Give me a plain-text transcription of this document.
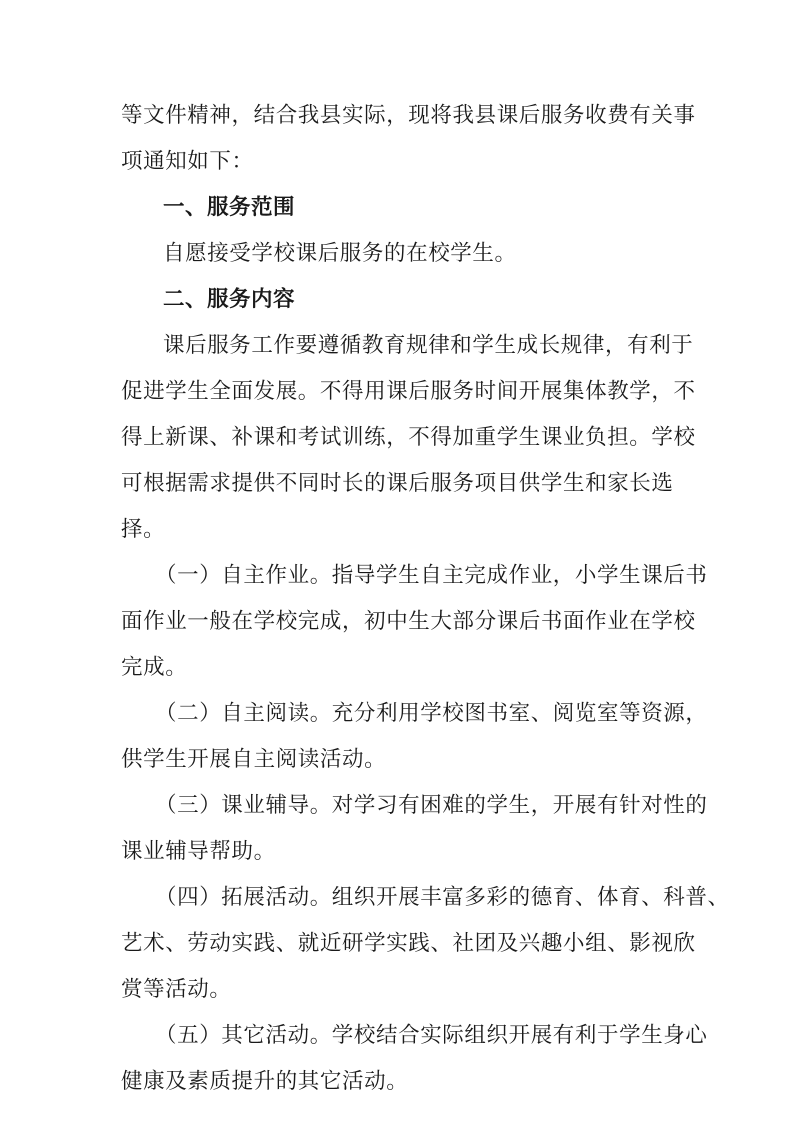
等文件精神，结合我县实际，现将我县课后服务收费有关事
项通知如下：
一、服务范围
自愿接受学校课后服务的在校学生。
二、服务内容
课后服务工作要遵循教育规律和学生成长规律，有利于
促进学生全面发展。不得用课后服务时间开展集体教学，不
得上新课、补课和考试训练，不得加重学生课业负担。学校
可根据需求提供不同时长的课后服务项目供学生和家长选
择。
（一）自主作业。指导学生自主完成作业，小学生课后书
面作业一般在学校完成，初中生大部分课后书面作业在学校
完成。
（二）自主阅读。充分利用学校图书室、阅览室等资源，
供学生开展自主阅读活动。
（三）课业辅导。对学习有困难的学生，开展有针对性的
课业辅导帮助。
（四）拓展活动。组织开展丰富多彩的德育、体育、科普、
艺术、劳动实践、就近研学实践、社团及兴趣小组、影视欣
赏等活动。
（五）其它活动。学校结合实际组织开展有利于学生身心
健康及素质提升的其它活动。
